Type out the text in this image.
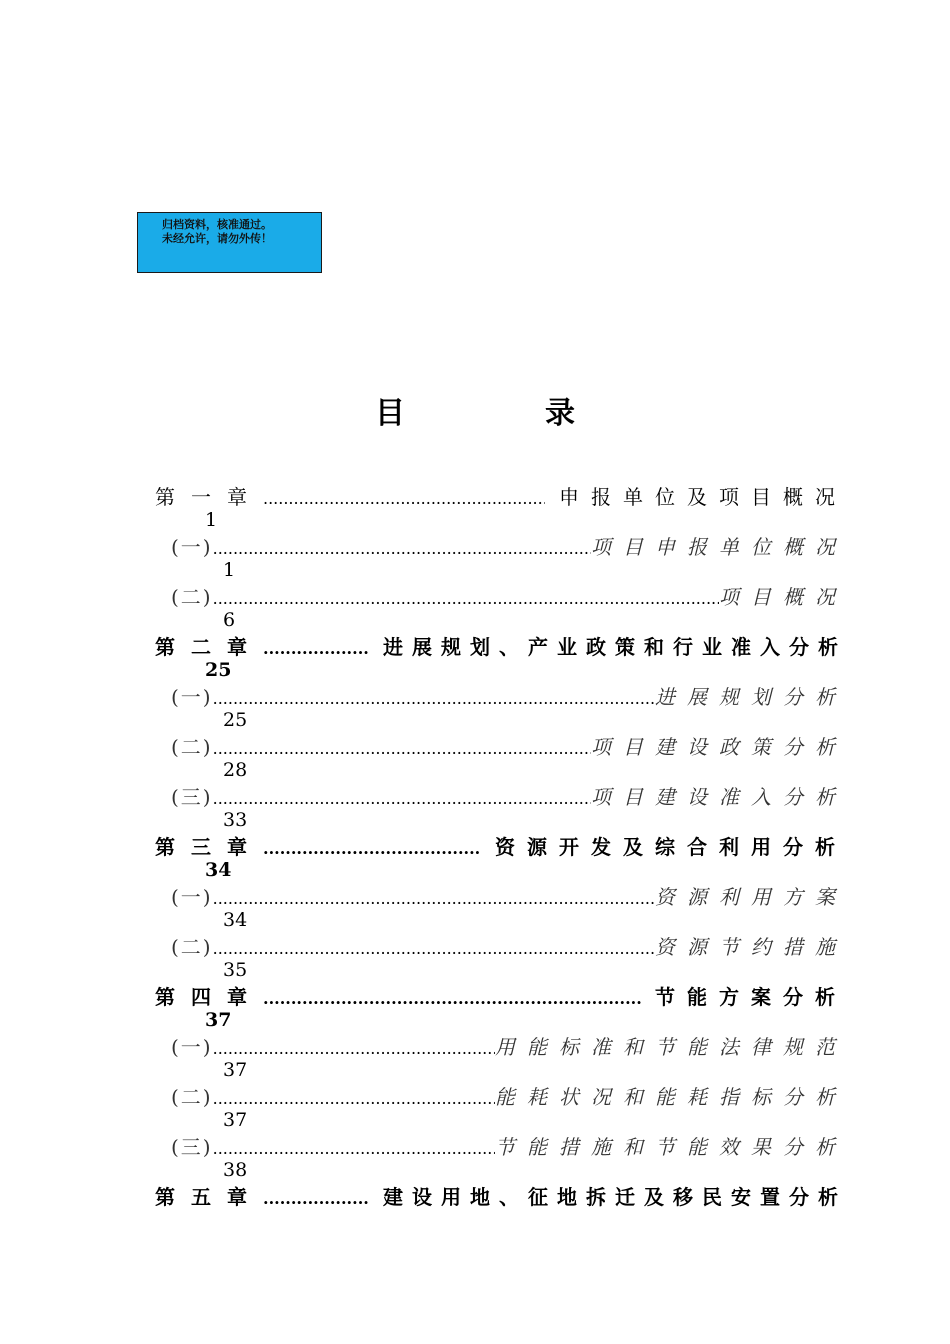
归档资料，核准通过。
未经允许，请勿外传！
目	录
第一章 .....	申报单位及项目概况
1
(一) .....	项目申报单位概况
1
(二) .....	项目概况
6
第二章 .....	进展规划、产业政策和行业准入分析
25
(一) .....	进展规划分析
25
(二) .....	项目建设政策分析
28
(三) .....	项目建设准入分析
33
第三章 .....	资源开发及综合利用分析
34
(一) .....	资源利用方案
34
(二) .....	资源节约措施
35
第四章 .....	节能方案分析
37
(一) .....	用能标准和节能法律规范
37
(二) .....	能耗状况和能耗指标分析
37
(三) .....	节能措施和节能效果分析
38
第五章 .....	建设用地、征地拆迁及移民安置分析
